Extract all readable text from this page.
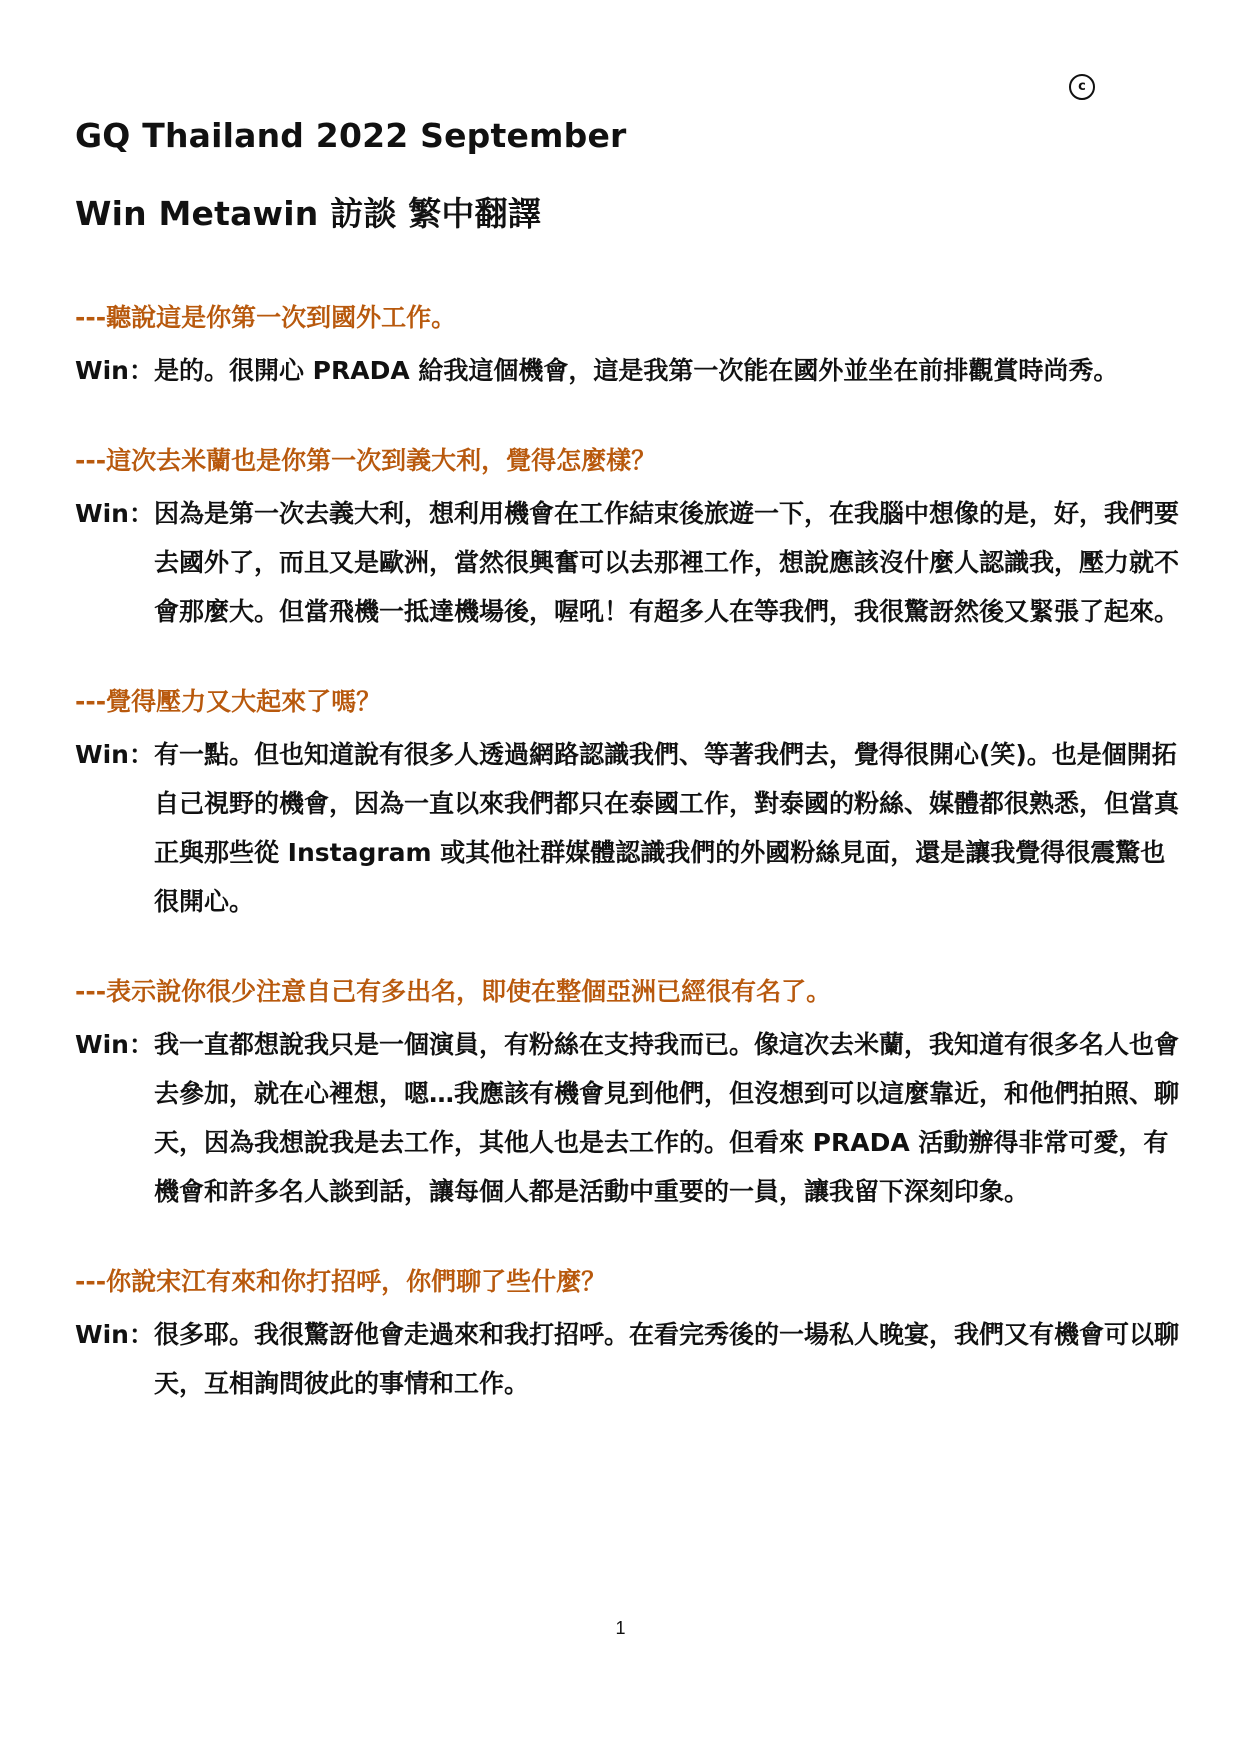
c
GQ Thailand 2022 September
Win Metawin 訪談 繁中翻譯
---聽說這是你第一次到國外工作。
Win： 是的。很開心 PRADA 給我這個機會，這是我第一次能在國外並坐在前排觀賞時尚秀。
---這次去米蘭也是你第一次到義大利，覺得怎麼樣？
Win： 因為是第一次去義大利，想利用機會在工作結束後旅遊一下，在我腦中想像的是，好，我們要去國外了，而且又是歐洲，當然很興奮可以去那裡工作，想說應該沒什麼人認識我，壓力就不會那麼大。但當飛機一抵達機場後，喔吼！有超多人在等我們，我很驚訝然後又緊張了起來。
---覺得壓力又大起來了嗎？
Win： 有一點。但也知道說有很多人透過網路認識我們、等著我們去，覺得很開心(笑)。也是個開拓自己視野的機會，因為一直以來我們都只在泰國工作，對泰國的粉絲、媒體都很熟悉，但當真正與那些從 Instagram 或其他社群媒體認識我們的外國粉絲見面，還是讓我覺得很震驚也很開心。
---表示說你很少注意自己有多出名，即使在整個亞洲已經很有名了。
Win： 我一直都想說我只是一個演員，有粉絲在支持我而已。像這次去米蘭，我知道有很多名人也會去參加，就在心裡想，嗯…我應該有機會見到他們，但沒想到可以這麼靠近，和他們拍照、聊天，因為我想說我是去工作，其他人也是去工作的。但看來 PRADA 活動辦得非常可愛，有機會和許多名人談到話，讓每個人都是活動中重要的一員，讓我留下深刻印象。
---你說宋江有來和你打招呼，你們聊了些什麼？
Win： 很多耶。我很驚訝他會走過來和我打招呼。在看完秀後的一場私人晚宴，我們又有機會可以聊天，互相詢問彼此的事情和工作。
1
